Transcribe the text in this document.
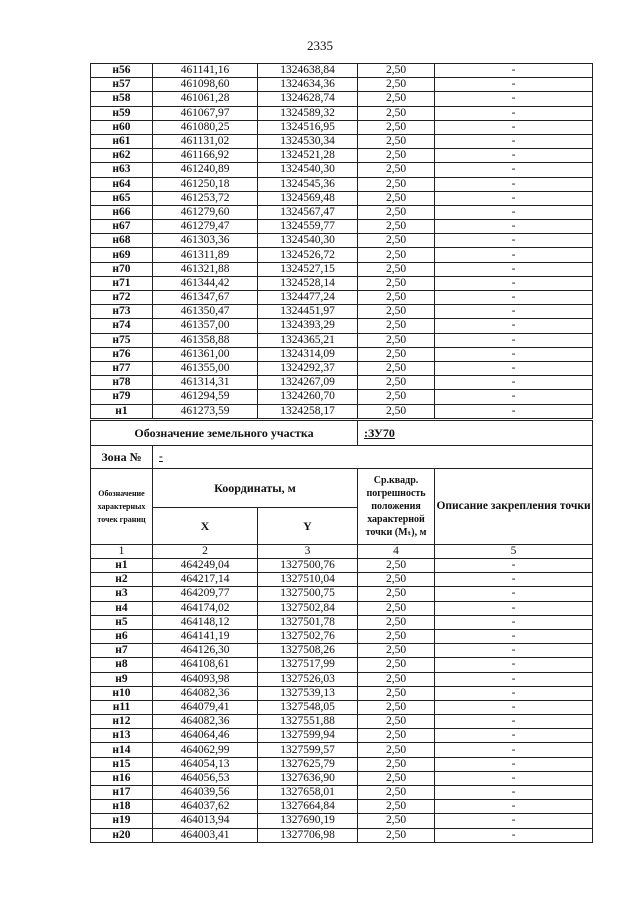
2335
н56	461141,16	1324638,84	2,50	-
н57	461098,60	1324634,36	2,50	-
н58	461061,28	1324628,74	2,50	-
н59	461067,97	1324589,32	2,50	-
н60	461080,25	1324516,95	2,50	-
н61	461131,02	1324530,34	2,50	-
н62	461166,92	1324521,28	2,50	-
н63	461240,89	1324540,30	2,50	-
н64	461250,18	1324545,36	2,50	-
н65	461253,72	1324569,48	2,50	-
н66	461279,60	1324567,47	2,50	-
н67	461279,47	1324559,77	2,50	-
н68	461303,36	1324540,30	2,50	-
н69	461311,89	1324526,72	2,50	-
н70	461321,88	1324527,15	2,50	-
н71	461344,42	1324528,14	2,50	-
н72	461347,67	1324477,24	2,50	-
н73	461350,47	1324451,97	2,50	-
н74	461357,00	1324393,29	2,50	-
н75	461358,88	1324365,21	2,50	-
н76	461361,00	1324314,09	2,50	-
н77	461355,00	1324292,37	2,50	-
н78	461314,31	1324267,09	2,50	-
н79	461294,59	1324260,70	2,50	-
н1	461273,59	1324258,17	2,50	-
Обозначение земельного участка			:ЗУ70	
Зона №	-			
Обозначение характерных точек границ	Координаты, м		Ср.квадр. погрешность положения характерной точки (Mₜ), м	Описание закрепления точки
	X	Y		
1	2	3	4	5
н1	464249,04	1327500,76	2,50	-
н2	464217,14	1327510,04	2,50	-
н3	464209,77	1327500,75	2,50	-
н4	464174,02	1327502,84	2,50	-
н5	464148,12	1327501,78	2,50	-
н6	464141,19	1327502,76	2,50	-
н7	464126,30	1327508,26	2,50	-
н8	464108,61	1327517,99	2,50	-
н9	464093,98	1327526,03	2,50	-
н10	464082,36	1327539,13	2,50	-
н11	464079,41	1327548,05	2,50	-
н12	464082,36	1327551,88	2,50	-
н13	464064,46	1327599,94	2,50	-
н14	464062,99	1327599,57	2,50	-
н15	464054,13	1327625,79	2,50	-
н16	464056,53	1327636,90	2,50	-
н17	464039,56	1327658,01	2,50	-
н18	464037,62	1327664,84	2,50	-
н19	464013,94	1327690,19	2,50	-
н20	464003,41	1327706,98	2,50	-
